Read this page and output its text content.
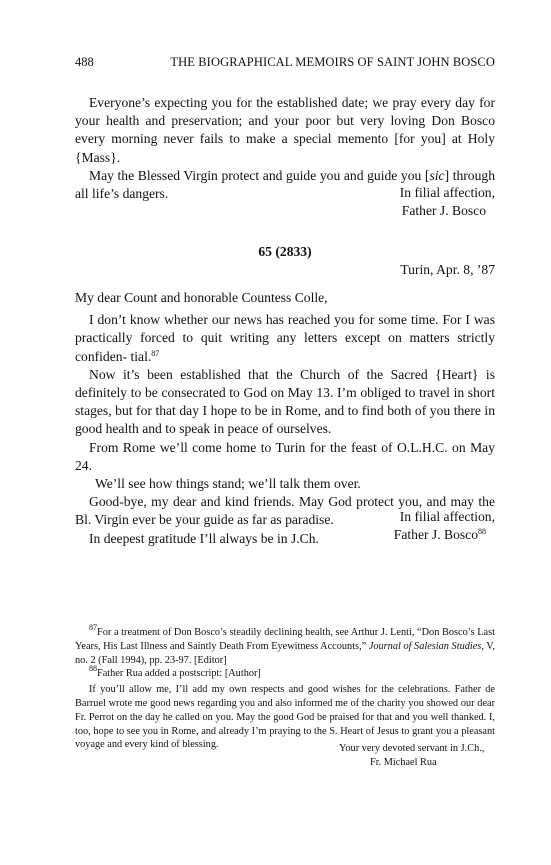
488	THE BIOGRAPHICAL MEMOIRS OF SAINT JOHN BOSCO

Everyone’s expecting you for the established date; we pray every day for your health and preservation; and your poor but very loving Don Bosco every morning never fails to make a special memento [for you] at Holy {Mass}.

May the Blessed Virgin protect and guide you and guide you [sic] through all life’s dangers.	In filial affection,

Father J. Bosco

65 (2833)
Turin, Apr. 8, ’87

My dear Count and honorable Countess Colle,

I don’t know whether our news has reached you for some time. For I was practically forced to quit writing any letters except on matters strictly confiden- tial.$^{87}$

Now it’s been established that the Church of the Sacred {Heart} is definitely to be consecrated to God on May 13. I’m obliged to travel in short stages, but for that day I hope to be in Rome, and to find both of you there in good health and to speak in peace of ourselves.

From Rome we’ll come home to Turin for the feast of O.L.H.C. on May 24.

We’ll see how things stand; we’ll talk them over.

Good-bye, my dear and kind friends. May God protect you, and may the Bl. Virgin ever be your guide as far as paradise.

In deepest gratitude I’ll always be in J.Ch.

In filial affection,

Father J. Bosco$^{88}$

$^{87}$For a treatment of Don Bosco’s steadily declining health, see Arthur J. Lenti, “Don Bosco’s Last Years, His Last Illness and Saintly Death From Eyewitness Accounts,” Journal of Salesian Studies, V, no. 2 (Fall 1994), pp. 23-97. [Editor]

$^{88}$Father Rua added a postscript: [Author]

If you’ll allow me, I’ll add my own respects and good wishes for the celebrations. Father de Barruel wrote me good news regarding you and also informed me of the charity you showed our dear Fr. Perrot on the day he called on you. May the good God be praised for that and you well thanked. I, too, hope to see you in Rome, and already I’m praying to the S. Heart of Jesus to grant you a pleasant voyage and every kind of blessing.	Your very devoted servant in J.Ch.,

Fr. Michael Rua
